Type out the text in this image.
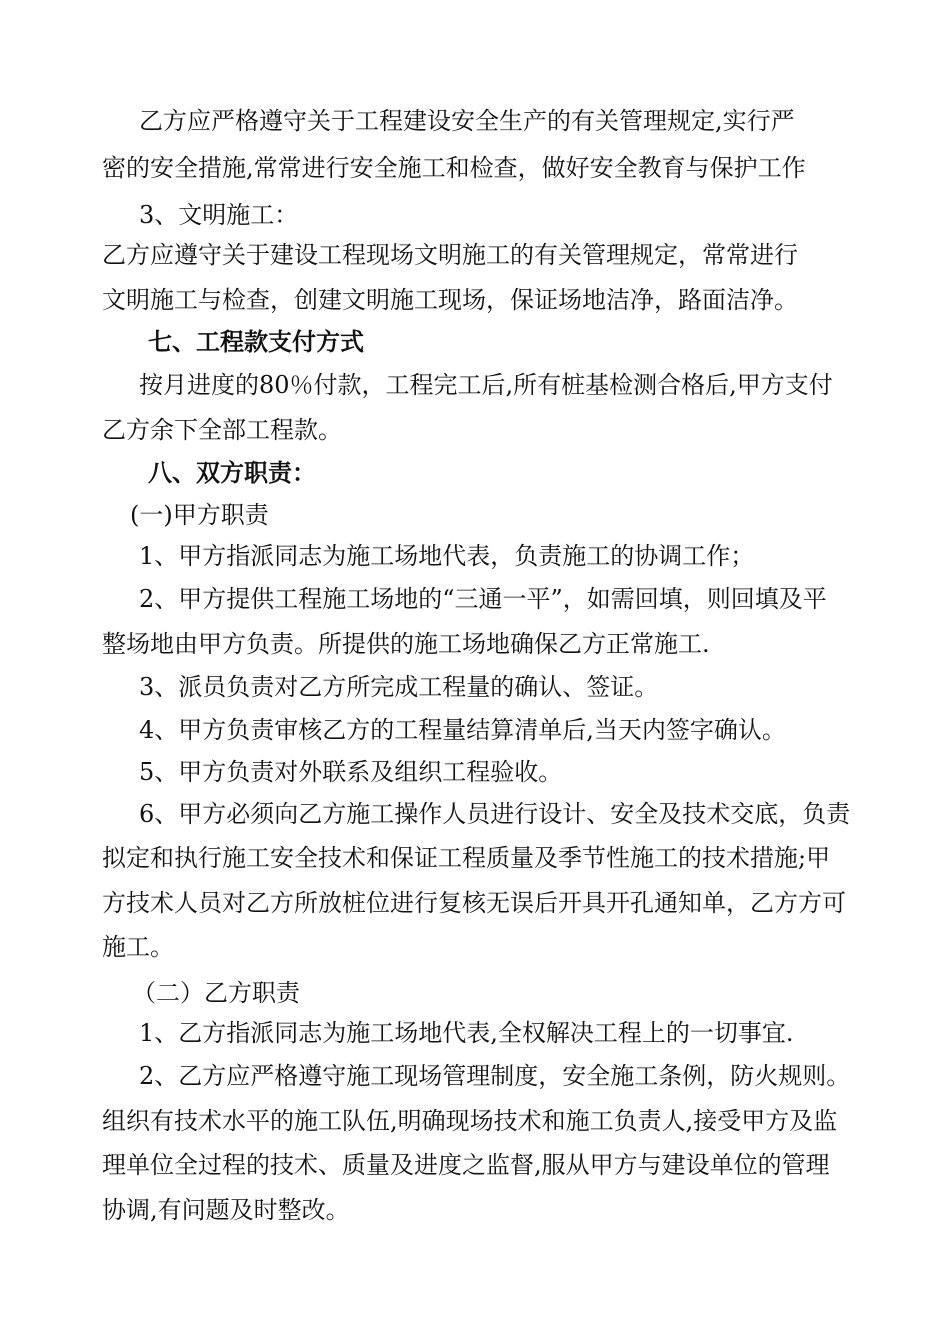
乙方应严格遵守关于工程建设安全生产的有关管理规定,实行严
密的安全措施,常常进行安全施工和检查，做好安全教育与保护工作
3、文明施工：
乙方应遵守关于建设工程现场文明施工的有关管理规定，常常进行
文明施工与检查，创建文明施工现场，保证场地洁净，路面洁净。
七、工程款支付方式
按月进度的80％付款，工程完工后,所有桩基检测合格后,甲方支付
乙方余下全部工程款。
八、双方职责：
(一)甲方职责
1、甲方指派同志为施工场地代表，负责施工的协调工作；
2、甲方提供工程施工场地的“三通一平”，如需回填，则回填及平
整场地由甲方负责。所提供的施工场地确保乙方正常施工.
3、派员负责对乙方所完成工程量的确认、签证。
4、甲方负责审核乙方的工程量结算清单后,当天内签字确认。
5、甲方负责对外联系及组织工程验收。
6、甲方必须向乙方施工操作人员进行设计、安全及技术交底，负责
拟定和执行施工安全技术和保证工程质量及季节性施工的技术措施;甲
方技术人员对乙方所放桩位进行复核无误后开具开孔通知单，乙方方可
施工。
（二）乙方职责
1、乙方指派同志为施工场地代表,全权解决工程上的一切事宜.
2、乙方应严格遵守施工现场管理制度，安全施工条例，防火规则。
组织有技术水平的施工队伍,明确现场技术和施工负责人,接受甲方及监
理单位全过程的技术、质量及进度之监督,服从甲方与建设单位的管理
协调,有问题及时整改。
